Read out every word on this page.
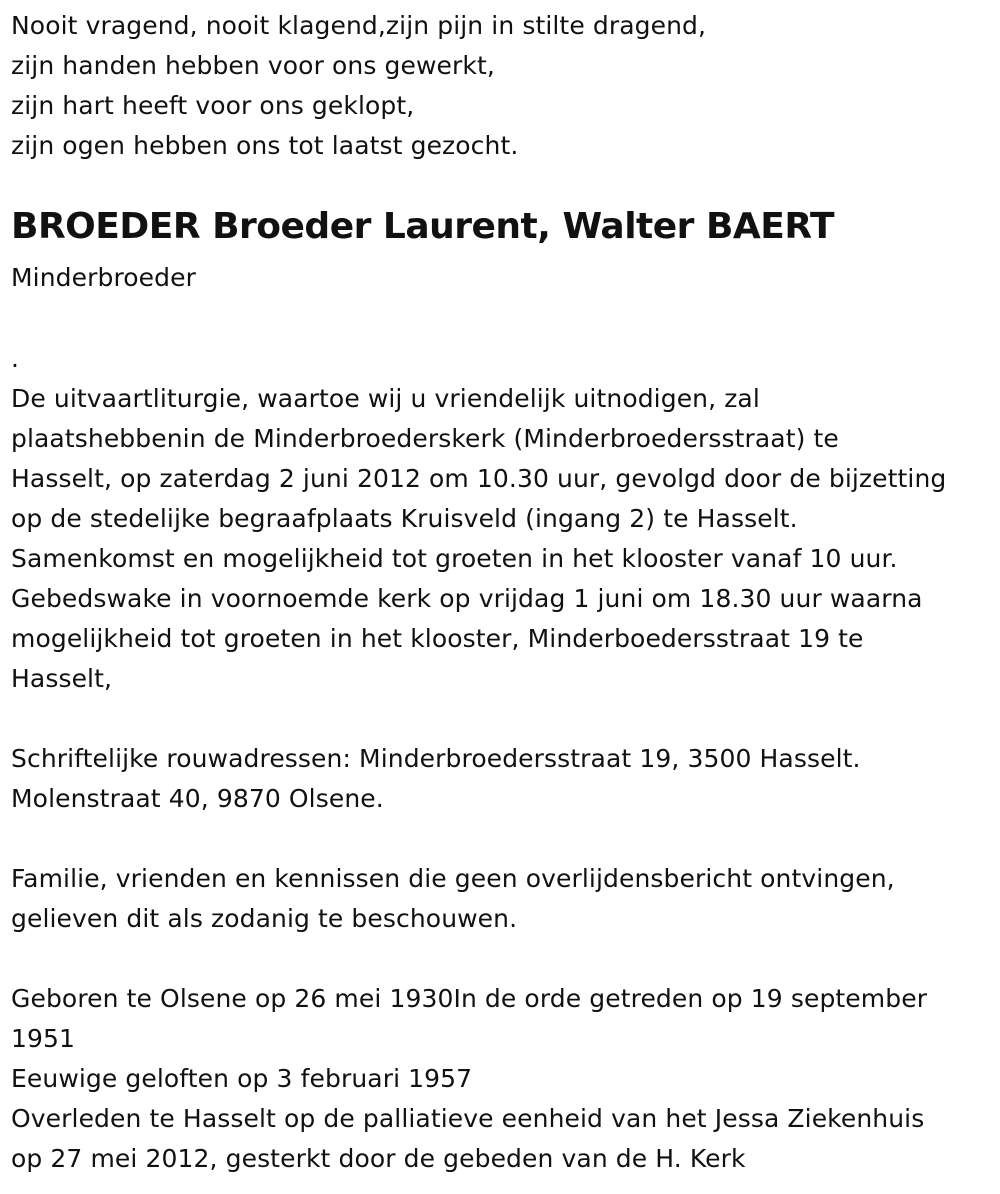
Nooit vragend, nooit klagend,zijn pijn in stilte dragend,
zijn handen hebben voor ons gewerkt,
zijn hart heeft voor ons geklopt,
zijn ogen hebben ons tot laatst gezocht.
BROEDER Broeder Laurent, Walter BAERT
Minderbroeder
.
De uitvaartliturgie, waartoe wij u vriendelijk uitnodigen, zal
plaatshebbenin de Minderbroederskerk (Minderbroedersstraat) te
Hasselt, op zaterdag 2 juni 2012 om 10.30 uur, gevolgd door de bijzetting
op de stedelijke begraafplaats Kruisveld (ingang 2) te Hasselt.
Samenkomst en mogelijkheid tot groeten in het klooster vanaf 10 uur.
Gebedswake in voornoemde kerk op vrijdag 1 juni om 18.30 uur waarna
mogelijkheid tot groeten in het klooster, Minderboedersstraat 19 te
Hasselt,
Schriftelijke rouwadressen: Minderbroedersstraat 19, 3500 Hasselt.
Molenstraat 40, 9870 Olsene.
Familie, vrienden en kennissen die geen overlijdensbericht ontvingen,
gelieven dit als zodanig te beschouwen.
Geboren te Olsene op 26 mei 1930In de orde getreden op 19 september
1951
Eeuwige geloften op 3 februari 1957
Overleden te Hasselt op de palliatieve eenheid van het Jessa Ziekenhuis
op 27 mei 2012, gesterkt door de gebeden van de H. Kerk
